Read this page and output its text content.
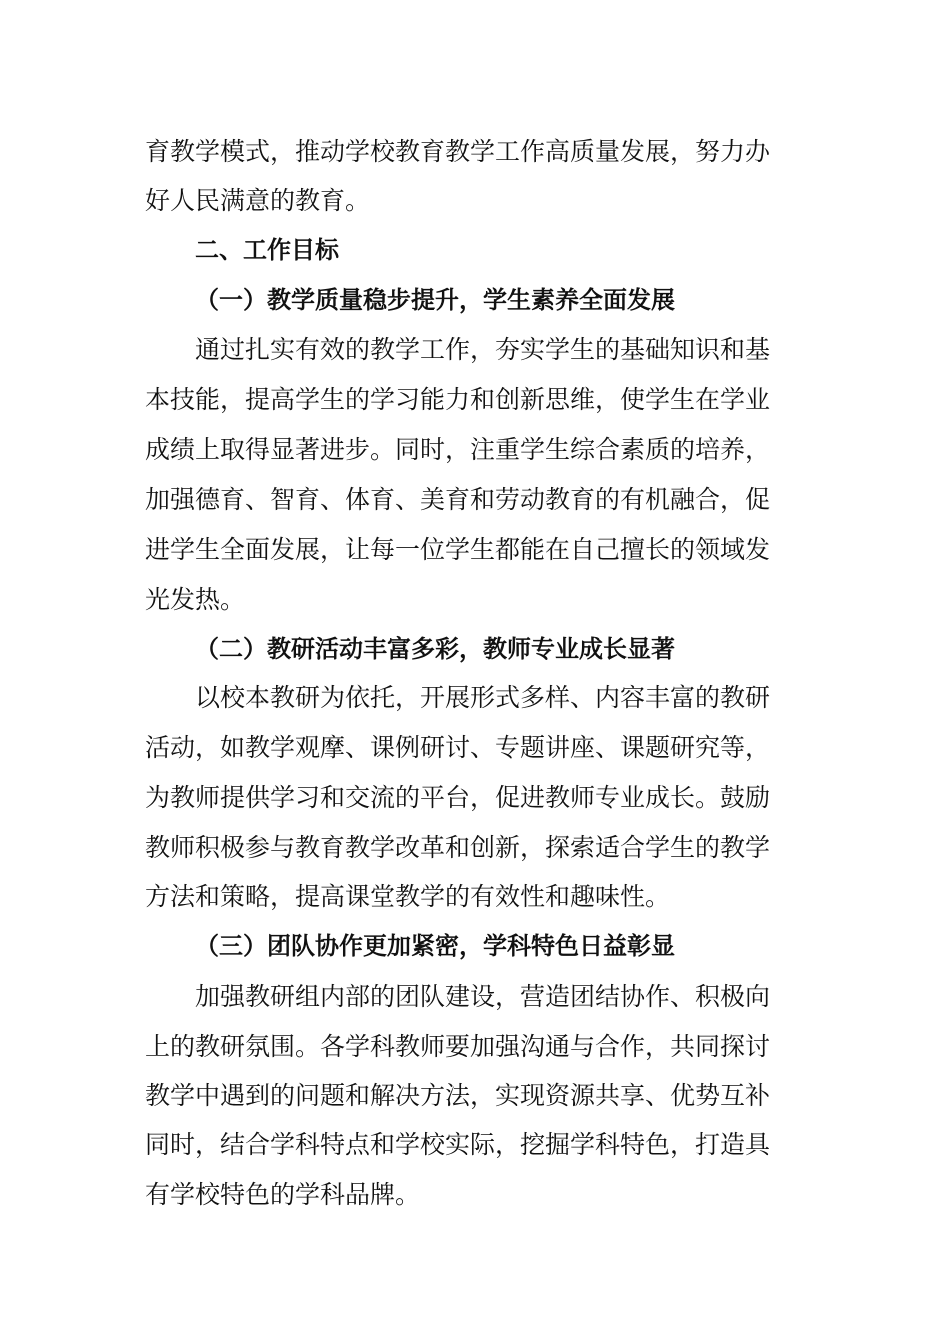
育教学模式，推动学校教育教学工作高质量发展，努力办
好人民满意的教育。
二、工作目标
（一）教学质量稳步提升，学生素养全面发展
通过扎实有效的教学工作，夯实学生的基础知识和基
本技能，提高学生的学习能力和创新思维，使学生在学业
成绩上取得显著进步。同时，注重学生综合素质的培养，
加强德育、智育、体育、美育和劳动教育的有机融合，促
进学生全面发展，让每一位学生都能在自己擅长的领域发
光发热。
（二）教研活动丰富多彩，教师专业成长显著
以校本教研为依托，开展形式多样、内容丰富的教研
活动，如教学观摩、课例研讨、专题讲座、课题研究等，
为教师提供学习和交流的平台，促进教师专业成长。鼓励
教师积极参与教育教学改革和创新，探索适合学生的教学
方法和策略，提高课堂教学的有效性和趣味性。
（三）团队协作更加紧密，学科特色日益彰显
加强教研组内部的团队建设，营造团结协作、积极向
上的教研氛围。各学科教师要加强沟通与合作，共同探讨
教学中遇到的问题和解决方法，实现资源共享、优势互补
同时，结合学科特点和学校实际，挖掘学科特色，打造具
有学校特色的学科品牌。
